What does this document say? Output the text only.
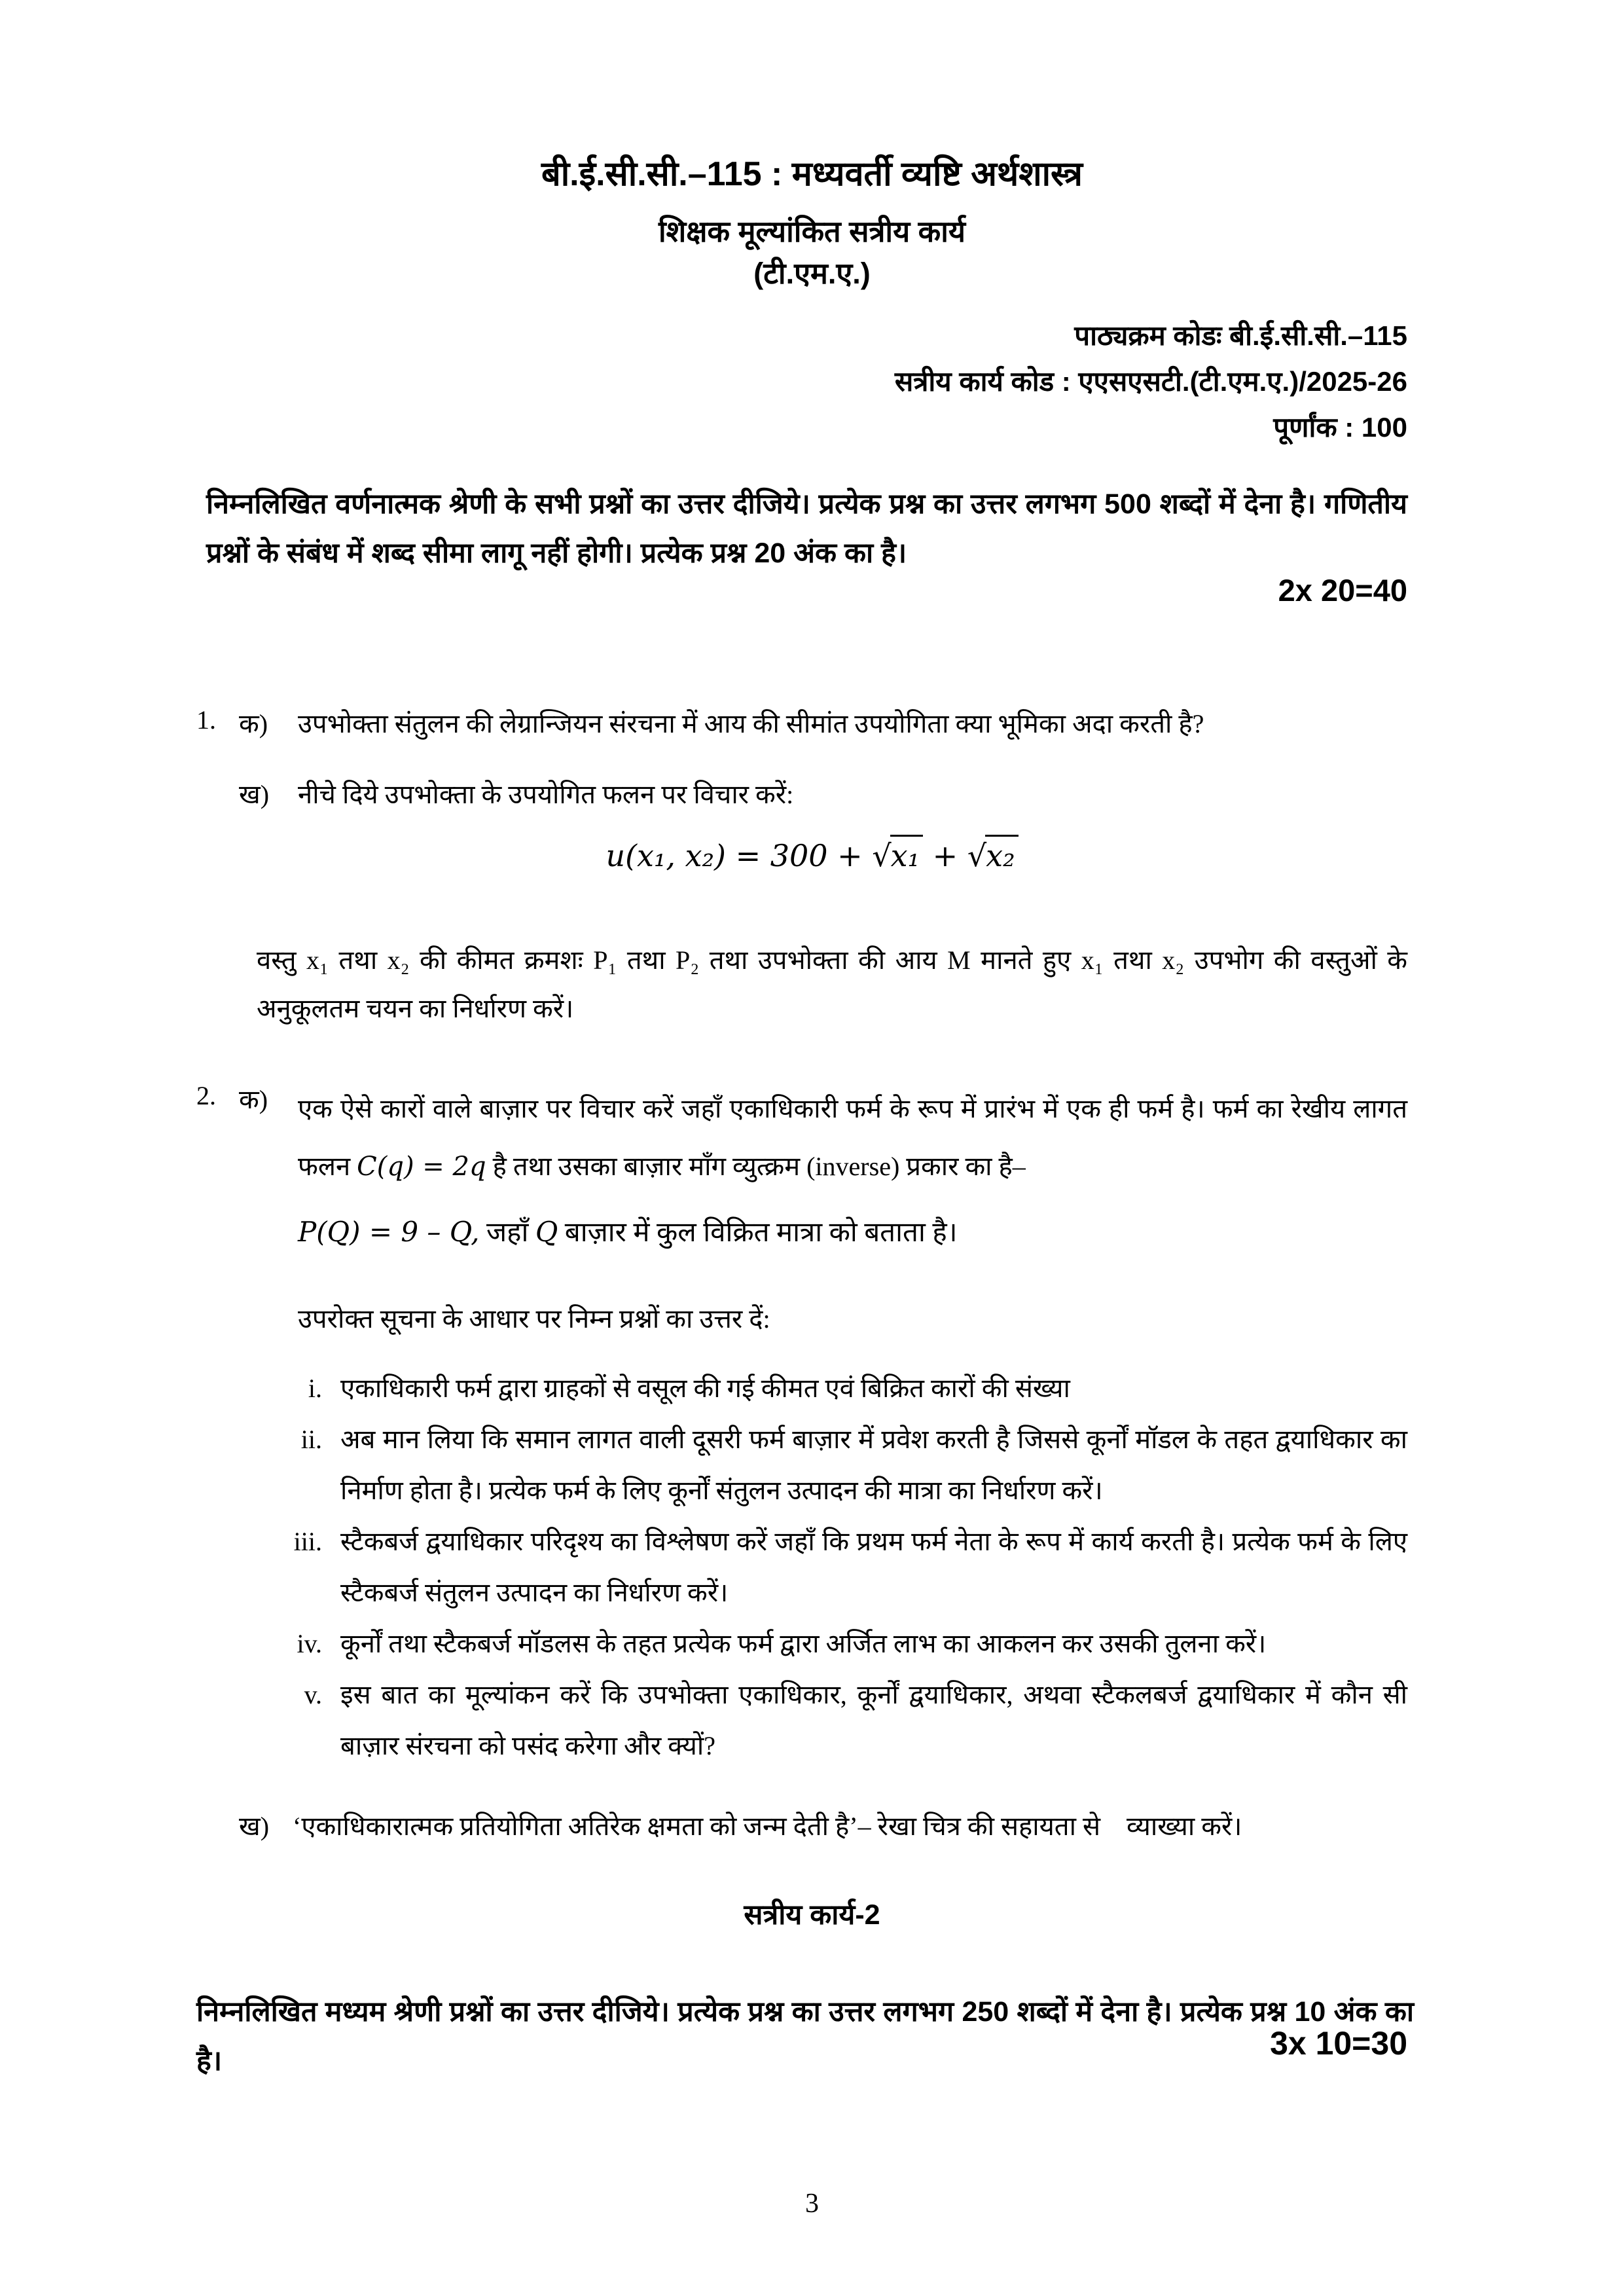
बी.ई.सी.सी.–115 : मध्यवर्ती व्यष्टि अर्थशास्त्र
शिक्षक मूल्यांकित सत्रीय कार्य
(टी.एम.ए.)
पाठ्यक्रम कोडः बी.ई.सी.सी.–115
सत्रीय कार्य कोड : एएसएसटी.(टी.एम.ए.)/2025-26
पूर्णांक : 100
निम्नलिखित वर्णनात्मक श्रेणी के सभी प्रश्नों का उत्तर दीजिये। प्रत्येक प्रश्न का उत्तर लगभग 500 शब्दों में देना है। गणितीय प्रश्नों के संबंध में शब्द सीमा लागू नहीं होगी। प्रत्येक प्रश्न 20 अंक का है।
2x 20=40
1. क)	उपभोक्ता संतुलन की लेग्रान्जियन संरचना में आय की सीमांत उपयोगिता क्या भूमिका अदा करती है?
ख)	नीचे दिये उपभोक्ता के उपयोगित फलन पर विचार करें:
u(x₁, x₂) = 300 + √x₁ + √x₂
वस्तु x₁ तथा x₂ की कीमत क्रमशः P₁ तथा P₂ तथा उपभोक्ता की आय M मानते हुए x₁ तथा x₂ उपभोग की वस्तुओं के अनुकूलतम चयन का निर्धारण करें।
2. क)	एक ऐसे कारों वाले बाज़ार पर विचार करें जहाँ एकाधिकारी फर्म के रूप में प्रारंभ में एक ही फर्म है। फर्म का रेखीय लागत फलन C(q) = 2q है तथा उसका बाज़ार माँग व्युत्क्रम (inverse) प्रकार का है–
P(Q) = 9 – Q, जहाँ Q बाज़ार में कुल विक्रित मात्रा को बताता है।
उपरोक्त सूचना के आधार पर निम्न प्रश्नों का उत्तर दें:
i. एकाधिकारी फर्म द्वारा ग्राहकों से वसूल की गई कीमत एवं बिक्रित कारों की संख्या
ii. अब मान लिया कि समान लागत वाली दूसरी फर्म बाज़ार में प्रवेश करती है जिससे कूर्नों मॉडल के तहत द्वयाधिकार का निर्माण होता है। प्रत्येक फर्म के लिए कूर्नों संतुलन उत्पादन की मात्रा का निर्धारण करें।
iii. स्टैकबर्ज द्वयाधिकार परिदृश्य का विश्लेषण करें जहाँ कि प्रथम फर्म नेता के रूप में कार्य करती है। प्रत्येक फर्म के लिए स्टैकबर्ज संतुलन उत्पादन का निर्धारण करें।
iv. कूर्नों तथा स्टैकबर्ज मॉडलस के तहत प्रत्येक फर्म द्वारा अर्जित लाभ का आकलन कर उसकी तुलना करें।
v. इस बात का मूल्यांकन करें कि उपभोक्ता एकाधिकार, कूर्नों द्वयाधिकार, अथवा स्टैकलबर्ज द्वयाधिकार में कौन सी बाज़ार संरचना को पसंद करेगा और क्यों?
ख) ‘एकाधिकारात्मक प्रतियोगिता अतिरेक क्षमता को जन्म देती है’– रेखा चित्र की सहायता से    व्याख्या करें।
सत्रीय कार्य-2
निम्नलिखित मध्यम श्रेणी प्रश्नों का उत्तर दीजिये। प्रत्येक प्रश्न का उत्तर लगभग 250 शब्दों में देना है। प्रत्येक प्रश्न 10 अंक का है।	3x 10=30
3
